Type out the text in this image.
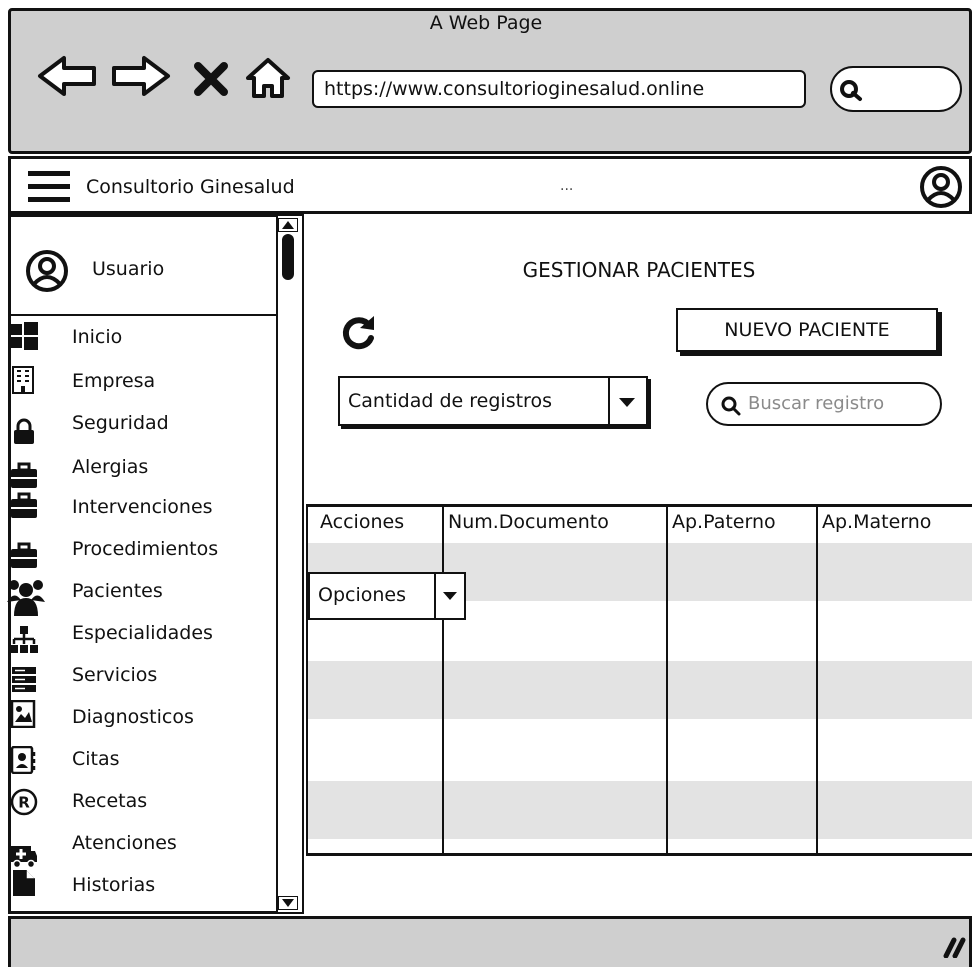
A Web Page
https://www.consultorioginesalud.online
Consultorio Ginesalud	...
Usuario
Inicio
Empresa
Seguridad
Alergias
Intervenciones
Procedimientos
Pacientes
Especialidades
Servicios
Diagnosticos
Citas
R Recetas
Atenciones
Historias
GESTIONAR PACIENTES
NUEVO PACIENTE
Cantidad de registros	Buscar registro
Acciones Num.Documento	Ap.Paterno Ap.Materno
Opciones
